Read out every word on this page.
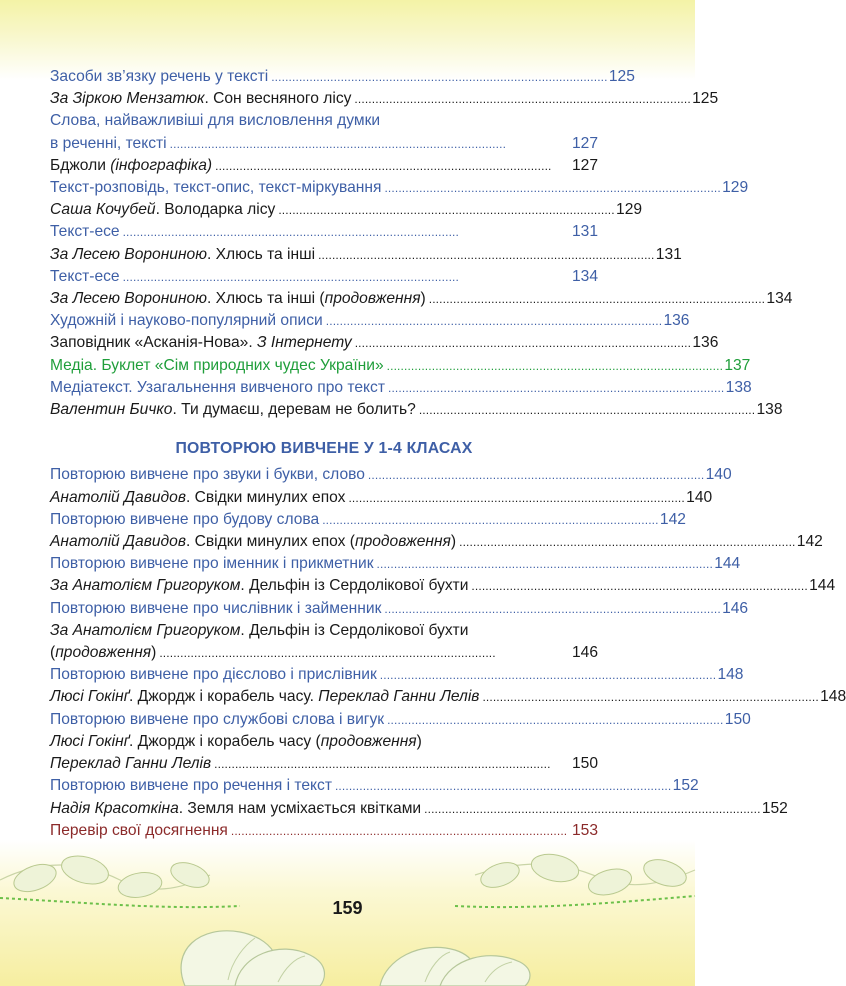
Засоби зв’язку речень у тексті . . .	125
За Зіркою Мензатюк. Сон весняного лісу . . .	125
Слова, найважливіші для висловлення думки
в реченні, тексті . . .	127
Бджоли (інфографіка) . . .	127
Текст-розповідь, текст-опис, текст-міркування . . .	129
Саша Кочубей. Володарка лісу . . .	129
Текст-есе . . .	131
За Лесею Ворониною. Хлюсь та інші . . .	131
Текст-есе . . .	134
За Лесею Ворониною. Хлюсь та інші (продовження) . . .	134
Художній і науково-популярний описи . . .	136
Заповідник «Асканія-Нова». З Інтернету . . .	136
Медіа. Буклет «Сім природних чудес України» . . .	137
Медіатекст. Узагальнення вивченого про текст . . .	138
Валентин Бичко. Ти думаєш, деревам не болить? . . .	138
ПОВТОРЮЮ ВИВЧЕНЕ У 1-4 КЛАСАХ
Повторюю вивчене про звуки і букви, слово . . .	140
Анатолій Давидов. Свідки минулих епох . . .	140
Повторюю вивчене про будову слова . . .	142
Анатолій Давидов. Свідки минулих епох (продовження) . . .	142
Повторюю вивчене про іменник і прикметник . . .	144
За Анатолієм Григоруком. Дельфін із Сердолікової бухти . . .	144
Повторюю вивчене про числівник і займенник . . .	146
За Анатолієм Григоруком. Дельфін із Сердолікової бухти
(продовження) . . .	146
Повторюю вивчене про дієслово і прислівник . . .	148
Люсі Гокінґ. Джордж і корабель часу. Переклад Ганни Лелів . . .	148
Повторюю вивчене про службові слова і вигук . . .	150
Люсі Гокінґ. Джордж і корабель часу (продовження)
Переклад Ганни Лелів . . .	150
Повторюю вивчене про речення і текст . . .	152
Надія Красоткіна. Земля нам усміхається квітками . . .	152
Перевір свої досягнення . . .	153
. . .
159
